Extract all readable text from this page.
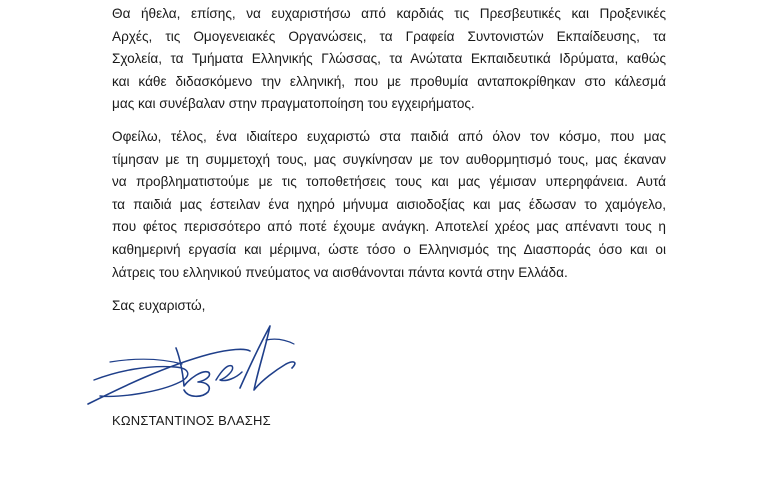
Θα ήθελα, επίσης, να ευχαριστήσω από καρδιάς τις Πρεσβευτικές και Προξενικές
Αρχές, τις Ομογενειακές Οργανώσεις, τα Γραφεία Συντονιστών Εκπαίδευσης, τα
Σχολεία, τα Τμήματα Ελληνικής Γλώσσας, τα Ανώτατα Εκπαιδευτικά Ιδρύματα, καθώς
και κάθε διδασκόμενο την ελληνική, που με προθυμία ανταποκρίθηκαν στο κάλεσμά
μας και συνέβαλαν στην πραγματοποίηση του εγχειρήματος.

Οφείλω, τέλος, ένα ιδιαίτερο ευχαριστώ στα παιδιά από όλον τον κόσμο, που μας
τίμησαν με τη συμμετοχή τους, μας συγκίνησαν με τον αυθορμητισμό τους, μας έκαναν
να προβληματιστούμε με τις τοποθετήσεις τους και μας γέμισαν υπερηφάνεια. Αυτά
τα παιδιά μας έστειλαν ένα ηχηρό μήνυμα αισιοδοξίας και μας έδωσαν το χαμόγελο,
που φέτος περισσότερο από ποτέ έχουμε ανάγκη. Αποτελεί χρέος μας απέναντι τους η
καθημερινή εργασία και μέριμνα, ώστε τόσο ο Ελληνισμός της Διασποράς όσο και οι
λάτρεις του ελληνικού πνεύματος να αισθάνονται πάντα κοντά στην Ελλάδα.

Σας ευχαριστώ,

ΚΩΝΣΤΑΝΤΙΝΟΣ ΒΛΑΣΗΣ
